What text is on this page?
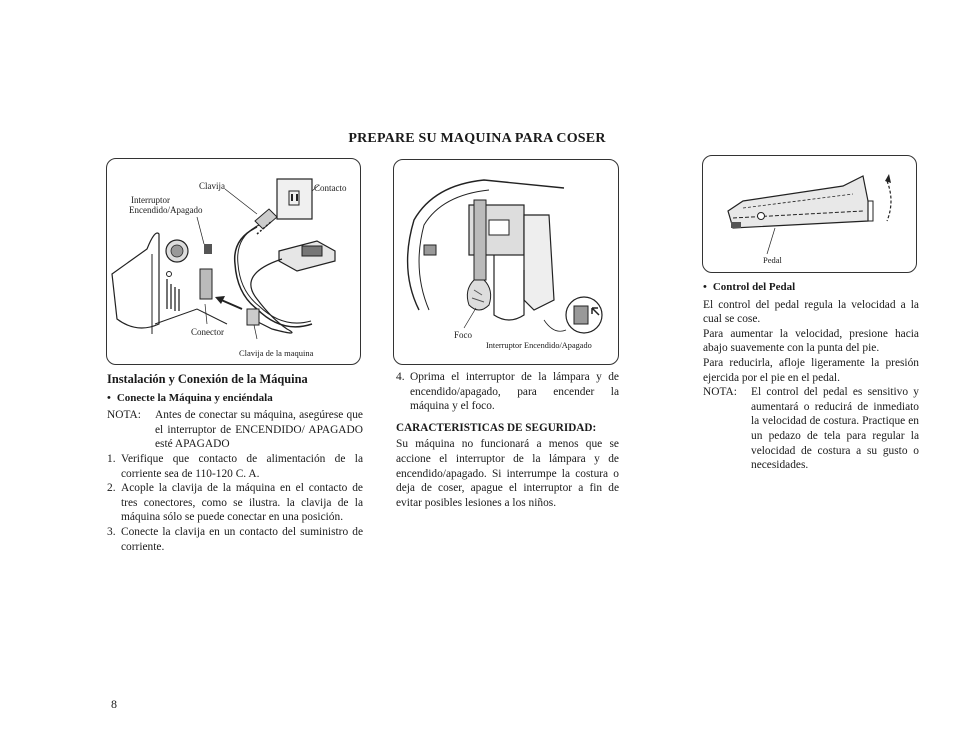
PREPARE SU MAQUINA PARA COSER
Clavija	Contacto
Interruptor
Encendido/Apagado
Conector
Clavija de la maquina
Foco
Interruptor Encendido/Apagado
Pedal
Instalación y Conexión de la Máquina
• Conecte la Máquina y enciéndala
NOTA:	Antes de conectar su máquina, asegúrese que el interruptor de ENCENDIDO/ APAGADO esté APAGADO
1. Verifique que contacto de alimentación de la corriente sea de 110-120 C. A.
2. Acople la clavija de la máquina en el contacto de tres conectores, como se ilustra. la clavija de la máquina sólo se puede conectar en una posición.
3. Conecte la clavija en un contacto del suministro de corriente.
4. Oprima el interruptor de la lámpara y de encendido/apagado, para encender la máquina y el foco.
CARACTERISTICAS DE SEGURIDAD:

Su máquina no funcionará a menos que se accione el interruptor de la lámpara y de encendido/apagado. Si interrumpe la costura o deja de coser, apague el interruptor a fin de evitar posibles lesiones a los niños.

• Control del Pedal

El control del pedal regula la velocidad a la cual se cose.

Para aumentar la velocidad, presione hacia abajo suavemente con la punta del pie.

Para reducirla, afloje ligeramente la presión ejercida por el pie en el pedal.

NOTA:	El control del pedal es sensitivo y aumentará o reducirá de inmediato la velocidad de costura. Practique en un pedazo de tela para regular la velocidad de costura a su gusto o necesidades.
8
